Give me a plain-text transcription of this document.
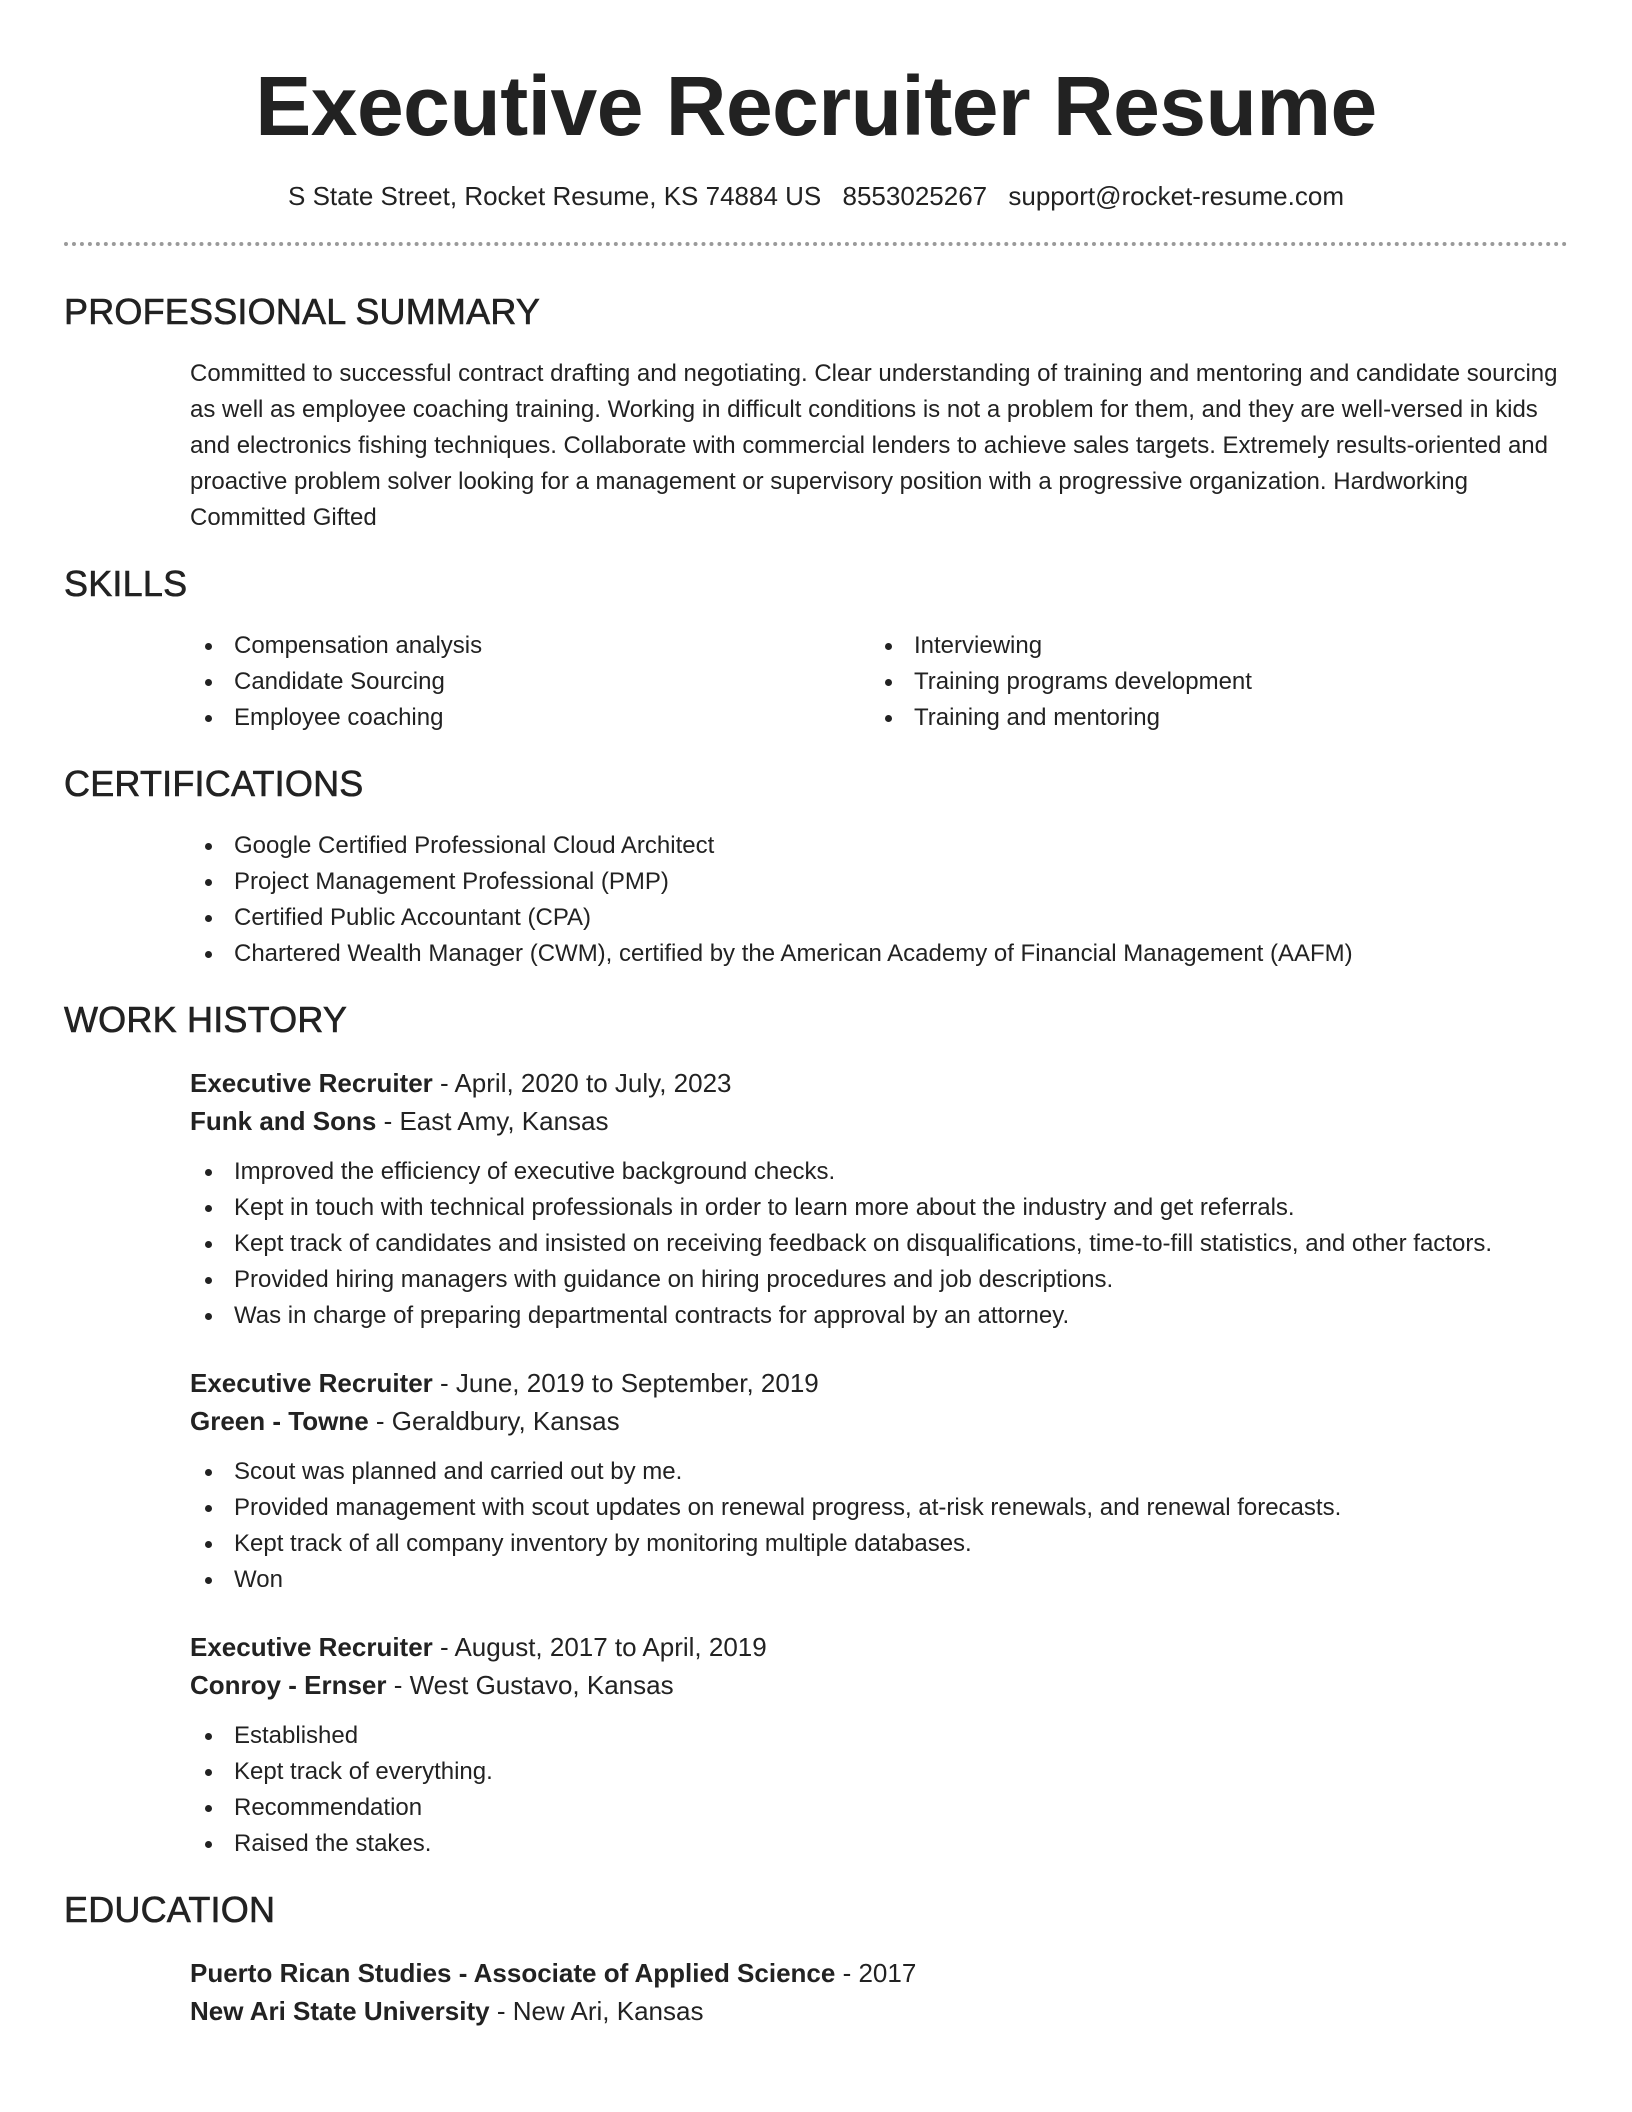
Executive Recruiter Resume
S State Street, Rocket Resume, KS 74884 US 8553025267 support@rocket-resume.com
PROFESSIONAL SUMMARY

Committed to successful contract drafting and negotiating. Clear understanding of training and mentoring and candidate sourcing as well as employee coaching training. Working in difficult conditions is not a problem for them, and they are well-versed in kids and electronics fishing techniques. Collaborate with commercial lenders to achieve sales targets. Extremely results-oriented and proactive problem solver looking for a management or supervisory position with a progressive organization. Hardworking Committed Gifted

SKILLS
Compensation analysis
Candidate Sourcing
Employee coaching
Interviewing
Training programs development
Training and mentoring
CERTIFICATIONS
Google Certified Professional Cloud Architect
Project Management Professional (PMP)
Certified Public Accountant (CPA)
Chartered Wealth Manager (CWM), certified by the American Academy of Financial Management (AAFM)
WORK HISTORY
Executive Recruiter - April, 2020 to July, 2023
Funk and Sons - East Amy, Kansas
Improved the efficiency of executive background checks.
Kept in touch with technical professionals in order to learn more about the industry and get referrals.
Kept track of candidates and insisted on receiving feedback on disqualifications, time-to-fill statistics, and other factors.
Provided hiring managers with guidance on hiring procedures and job descriptions.
Was in charge of preparing departmental contracts for approval by an attorney.
Executive Recruiter - June, 2019 to September, 2019
Green - Towne - Geraldbury, Kansas
Scout was planned and carried out by me.
Provided management with scout updates on renewal progress, at-risk renewals, and renewal forecasts.
Kept track of all company inventory by monitoring multiple databases.
Won
Executive Recruiter - August, 2017 to April, 2019
Conroy - Ernser - West Gustavo, Kansas
Established
Kept track of everything.
Recommendation
Raised the stakes.
EDUCATION
Puerto Rican Studies - Associate of Applied Science - 2017
New Ari State University - New Ari, Kansas
